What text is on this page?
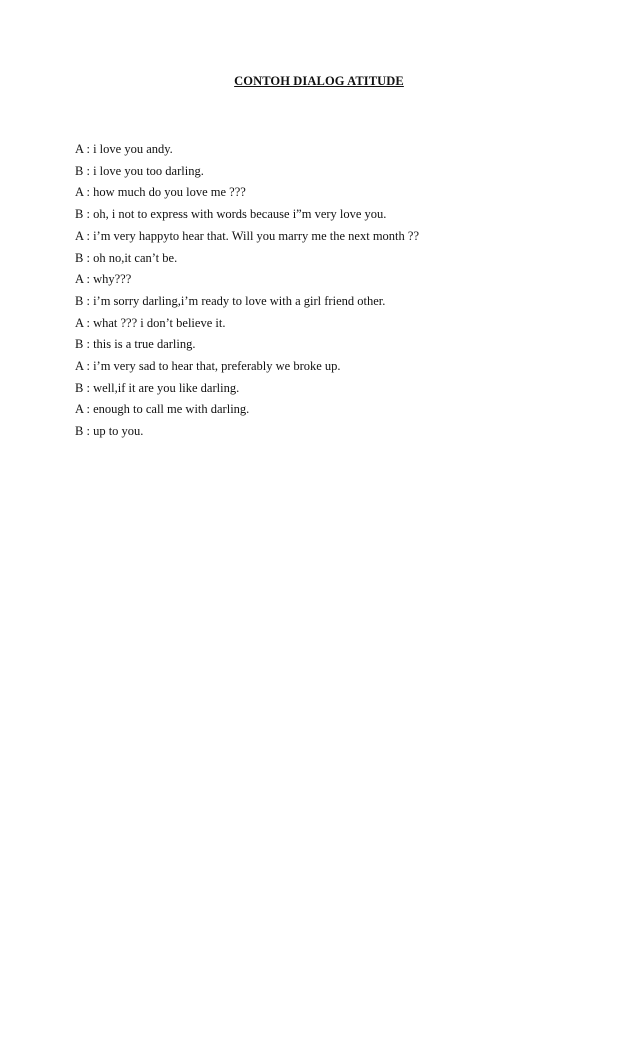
CONTOH DIALOG ATITUDE
A : i love you andy.
B : i love you too darling.
A : how much do you love me ???
B : oh, i not to express with words because i”m very love you.
A : i’m very happyto hear that. Will you marry me the next month ??
B : oh no,it can’t be.
A : why???
B : i’m sorry darling,i’m ready to love with a girl friend other.
A : what ??? i don’t believe it.
B : this is a true darling.
A : i’m very sad to hear that, preferably we broke up.
B : well,if it are you like darling.
A : enough to call me with darling.
B : up to you.
